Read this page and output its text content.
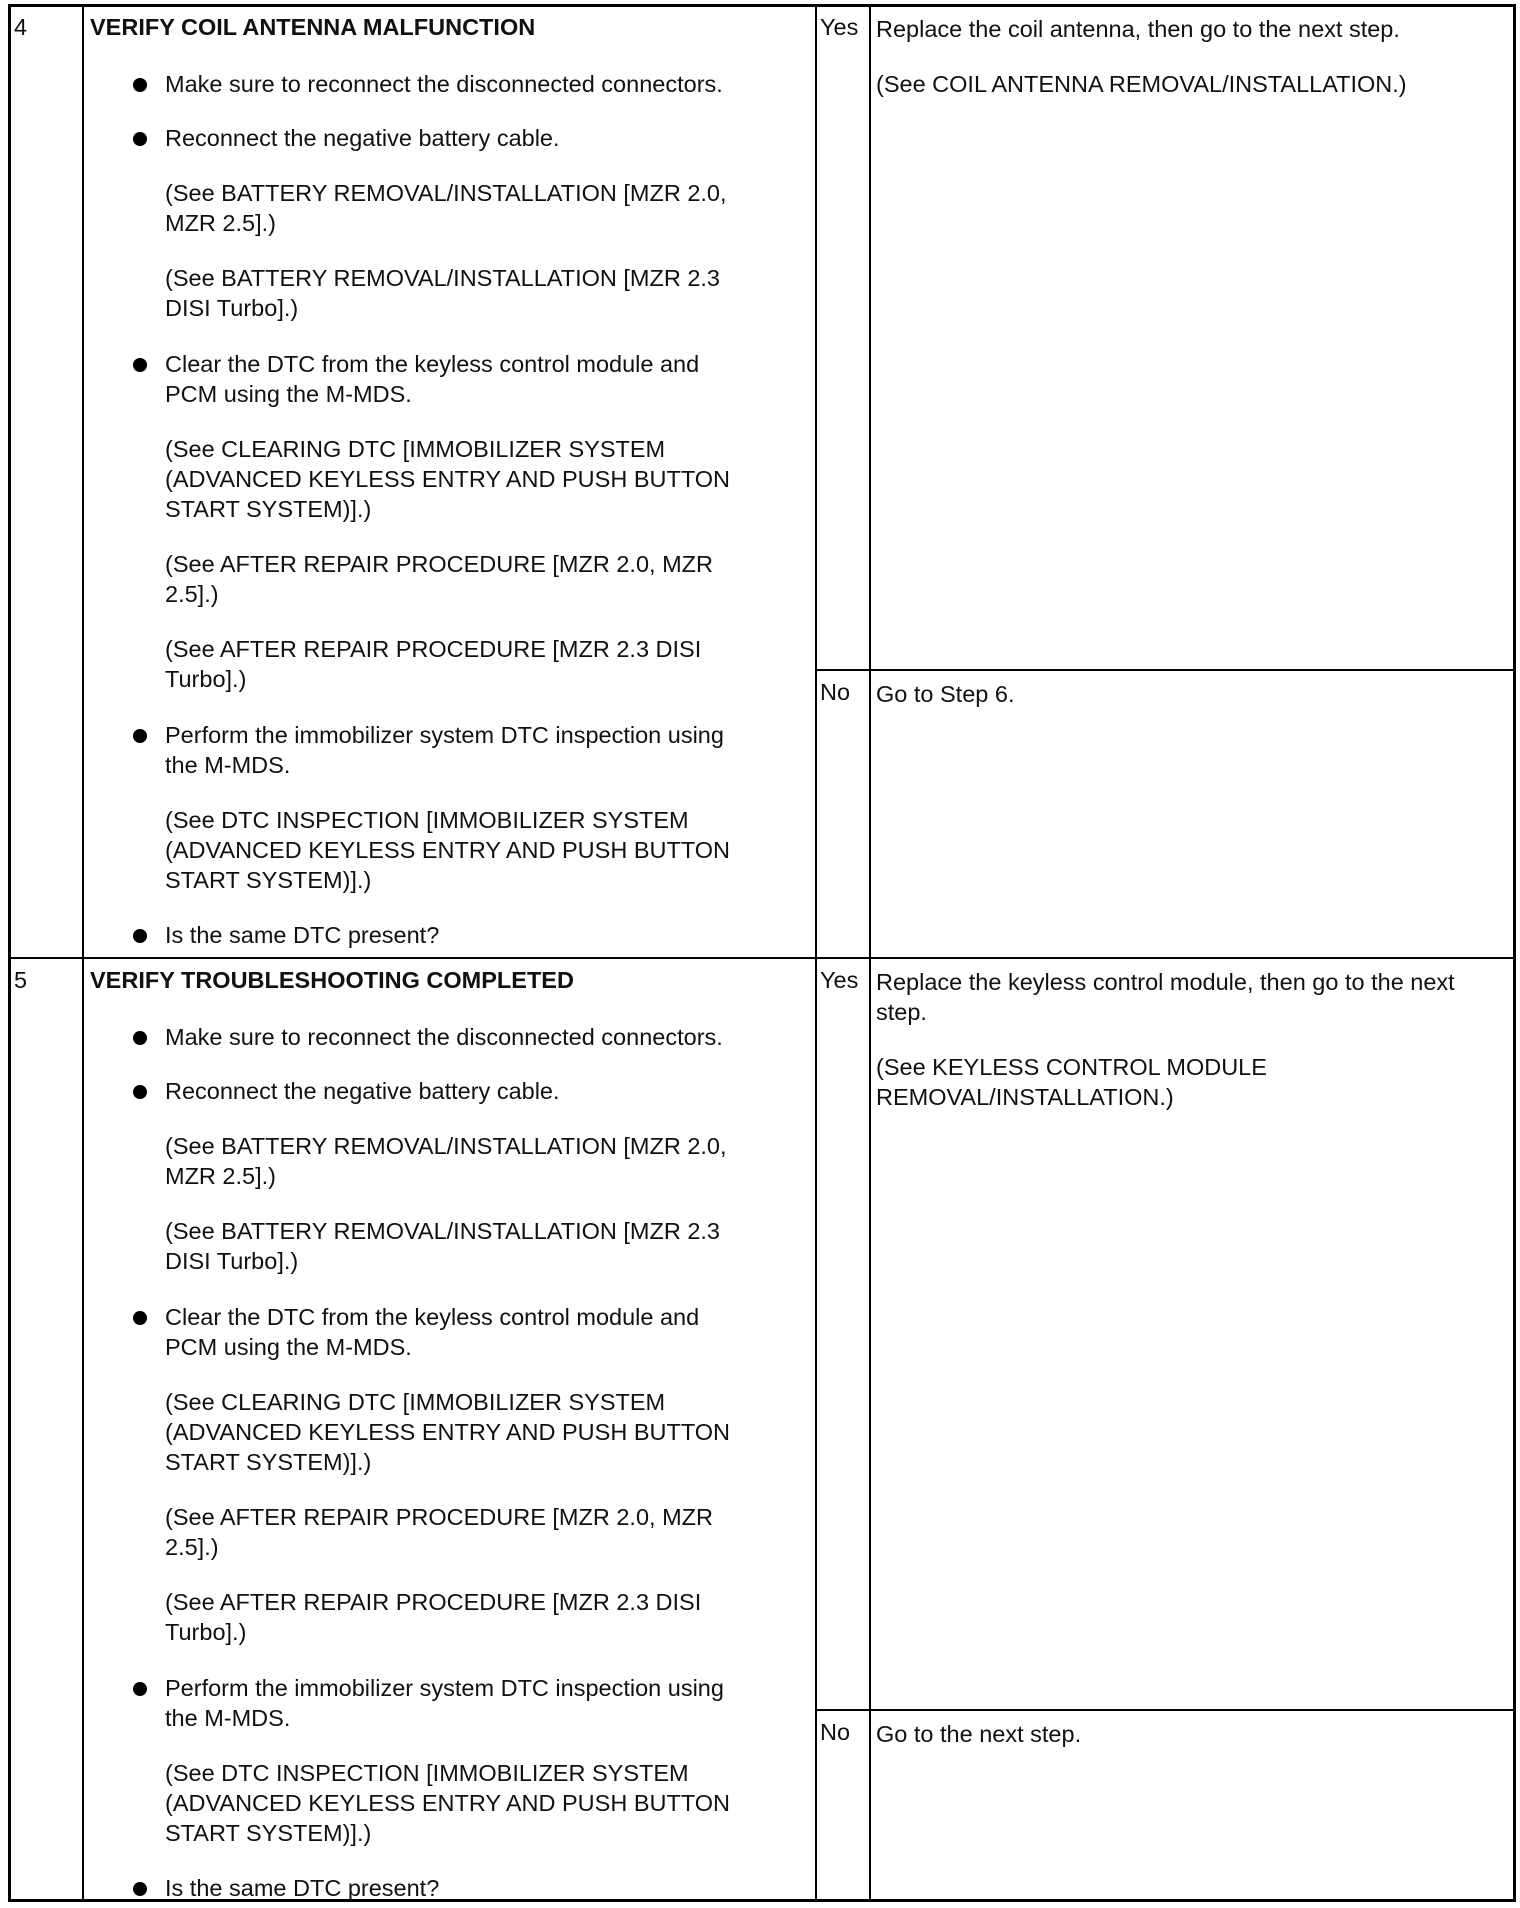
4	VERIFY COIL ANTENNA MALFUNCTION
Make sure to reconnect the disconnected connectors.
Reconnect the negative battery cable.
(See BATTERY REMOVAL/INSTALLATION [MZR 2.0,
MZR 2.5].)
(See BATTERY REMOVAL/INSTALLATION [MZR 2.3
DISI Turbo].)
Clear the DTC from the keyless control module and
PCM using the M-MDS.
(See CLEARING DTC [IMMOBILIZER SYSTEM
(ADVANCED KEYLESS ENTRY AND PUSH BUTTON
START SYSTEM)].)
(See AFTER REPAIR PROCEDURE [MZR 2.0, MZR
2.5].)
(See AFTER REPAIR PROCEDURE [MZR 2.3 DISI
Turbo].)
Perform the immobilizer system DTC inspection using
the M-MDS.
(See DTC INSPECTION [IMMOBILIZER SYSTEM
(ADVANCED KEYLESS ENTRY AND PUSH BUTTON
START SYSTEM)].)
Is the same DTC present?
Yes Replace the coil antenna, then go to the next step.
(See COIL ANTENNA REMOVAL/INSTALLATION.)
No Go to Step 6.
5	VERIFY TROUBLESHOOTING COMPLETED
Make sure to reconnect the disconnected connectors.
Reconnect the negative battery cable.
(See BATTERY REMOVAL/INSTALLATION [MZR 2.0,
MZR 2.5].)
(See BATTERY REMOVAL/INSTALLATION [MZR 2.3
DISI Turbo].)
Clear the DTC from the keyless control module and
PCM using the M-MDS.
(See CLEARING DTC [IMMOBILIZER SYSTEM
(ADVANCED KEYLESS ENTRY AND PUSH BUTTON
START SYSTEM)].)
(See AFTER REPAIR PROCEDURE [MZR 2.0, MZR
2.5].)
(See AFTER REPAIR PROCEDURE [MZR 2.3 DISI
Turbo].)
Perform the immobilizer system DTC inspection using
the M-MDS.
(See DTC INSPECTION [IMMOBILIZER SYSTEM
(ADVANCED KEYLESS ENTRY AND PUSH BUTTON
START SYSTEM)].)
Is the same DTC present?
Yes Replace the keyless control module, then go to the next
step.
(See KEYLESS CONTROL MODULE
REMOVAL/INSTALLATION.)
No Go to the next step.
